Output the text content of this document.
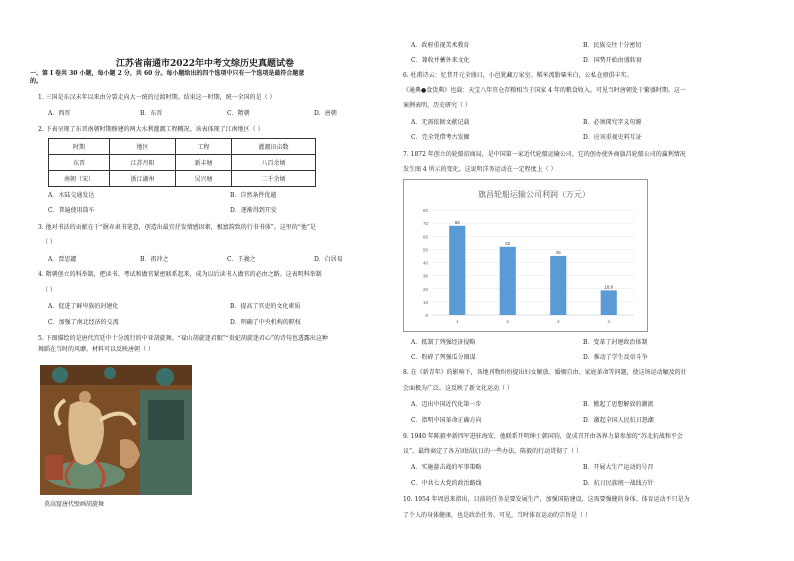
江苏省南通市2022年中考文综历史真题试卷
一、第 I 卷共 30 小题，每小题 2 分，共 60 分。每小题给出的四个选项中只有一个选项是最符合题意
的。
1. 三国是东汉末年以来由分裂走向大一统的过渡时期。结束这一时期，统一全国的是（ ）
A．西晋	B．东晋	C．隋朝	D．唐朝
2. 下表呈现了东晋南朝时期修建的两大水利灌溉工程概况。该表体现了江南地区（ ）
时期	地区	工程	灌溉田亩数
东晋	江苏丹阳	新丰塘	八百余顷
南朝（宋）	浙江湖州	吴兴塘	二千余顷
A．水陆交通发达	B．自然条件优越
C．普遍使用筒车	D．逐渐得到开发
3. 他对书法的贡献在于“摒弃隶书笔意，创造出最宜抒发情感因素，极富韵致的行书书体”。这里的“他”是
（ ）
A．贾思勰	B．祖冲之	C．王羲之	D．白居易
4. 隋朝创立的科举制，把读书、考试和做官紧密联系起来，成为以后读书人做官的必由之路。这表明科举制
（ ）
A．促进了鲜卑族的封建化	B．提高了官吏的文化素质
C．加强了南北经济的交流	D．明确了中央机构的职权
5. 下图描绘的是唐代宫廷中十分流行的中亚胡旋舞。“禄山胡旋迷君眼”“贵妃胡旋迷君心”的诗句也透露出这种
舞蹈在当时的风靡。材料可以反映唐朝（ ）
莫高窟唐代壁画胡旋舞
A．政府重视美术教育	B．民族交往十分密切
C．兼收并蓄外来文化	D．国势开始由盛转衰
6. 杜甫诗云：忆昔开元全盛日，小邑犹藏万家室。稻米流脂粟米白，公私仓廪俱丰实。
《通典●食货典》也载：天宝八年官仓存粮相当于国家 4 年的粮食收入。可见当时唐朝处于繁盛时期。这一
案例表明，历史研究（ ）
A．无需依据文献记载	B．必须探究字义句源
C．完全凭借考古发掘	D．应该重视史料互证
7. 1872 年创立的轮船招商局，是中国第一家近代轮船运输公司。它的创办使外商旗昌轮船公司的赢利情况
发生图 4 所示的变化。这说明洋务运动在一定程度上（ ）
旗昌轮船运输公司利润（万元）
0
10
20
30
40
50
60
70
80
68
52
45
18.8
1	2	3	4
A．抵制了列强经济侵略	B．变革了封建政治体制
C．粉碎了列强瓜分图谋	D．推动了学生反帝斗争
8. 在《新青年》的影响下，各地刊物纷纷提出妇女解放、婚姻自由、家庭革命等问题，使这场运动触及的社
会面极为广泛。这反映了新文化运动（ ）
A．迈出中国近代化第一步	B．掀起了思想解放的潮流
C．指明中国革命正确方向	D．激起全国人民抗日怒潮
9. 1940 年陈毅率新四军进驻海安，他联系开明绅士韩国钧，促成召开由各界力量参加的“苏北抗战和平会
议”，最终商定了各方团结抗日的一些办法。陈毅的行动贯彻了（ ）
A．实施游击战的军事策略	B．开展大生产运动的号召
C．中共七大党的政治路线	D．抗日民族统一战线方针
10. 1954 年周恩来指出，目前的任务是要发展生产，加强国防建设，这需要强健的身体。体育运动不只是为
了个人的身体健康，也是政治任务。可见，当时体育运动的宗旨是（ ）
